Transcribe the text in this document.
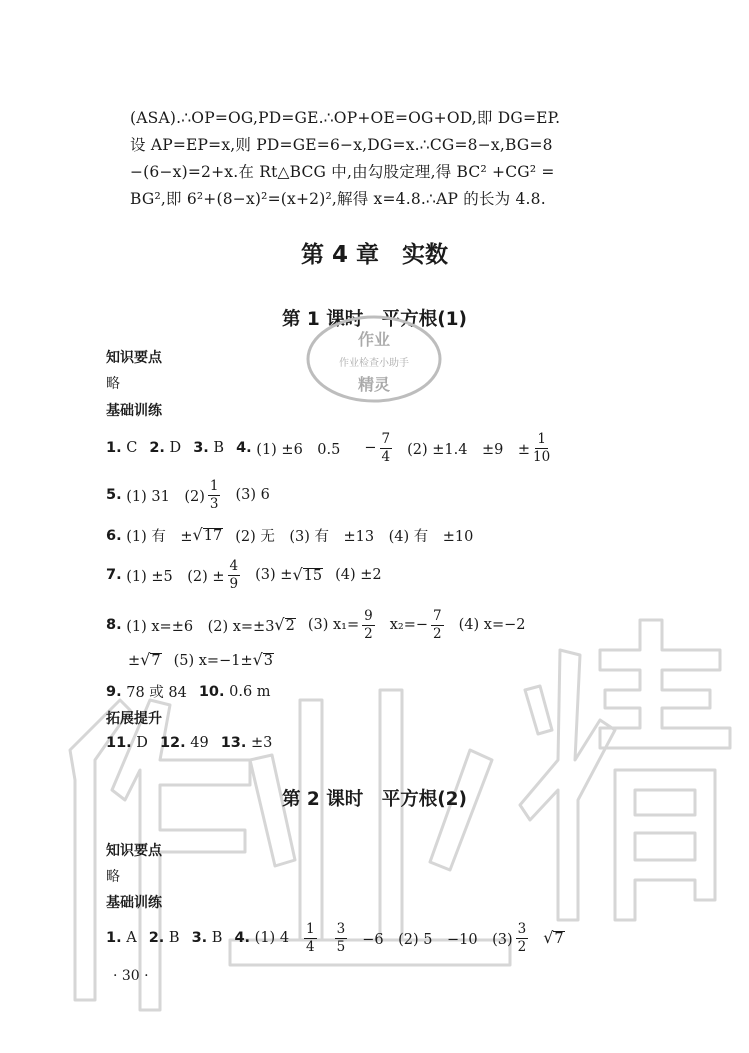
(ASA).∴OP=OG,PD=GE.∴OP+OE=OG+OD,即 DG=EP.
设 AP=EP=x,则 PD=GE=6−x,DG=x.∴CG=8−x,BG=8
−(6−x)=2+x.在 Rt△BCG 中,由勾股定理,得 BC² +CG² =
BG²,即 6²+(8−x)²=(x+2)²,解得 x=4.8.∴AP 的长为 4.8.
第 4 章　实数
第 1 课时　平方根(1)
作业
作业检查小助手
精灵
知识要点
略
基础训练
1.
C 2.
D 3.
B 4.
(1) ±6　$0.5 - \frac{7}{4} (2) \pm 1.4$　±9　± $\frac{1}{10}$
5.
(1) 31　$(2) \frac{1}{3} (3)$ 6
6.
(1) 有　± √ 17 (2) 无　(3) 有　±13　(4) 有　±10
7.
(1) ±5　$(2) \pm \frac{4}{9} (3)$ ± √ 15 (4) ±2
8.
(1) x=±6　(2) x=±3 √ 2 (3) $x_1= \frac{9}{2} x_2=- \frac{7}{2} (4)$ x=−2
± √ 7 (5) x=−1± √ 3
9.
78 或 84 10.
0.6 m
拓展提升
11.
D 12.
49 13.
±3
第 2 课时　平方根(2)
知识要点
略
基础训练
1.
A 2.
B 3.
B 4.
(1) $4 \frac{1}{4} \frac{3}{5} -6$　(2) 5　−10　$(3) \frac{3}{2}$ √ 7
· 30 ·
